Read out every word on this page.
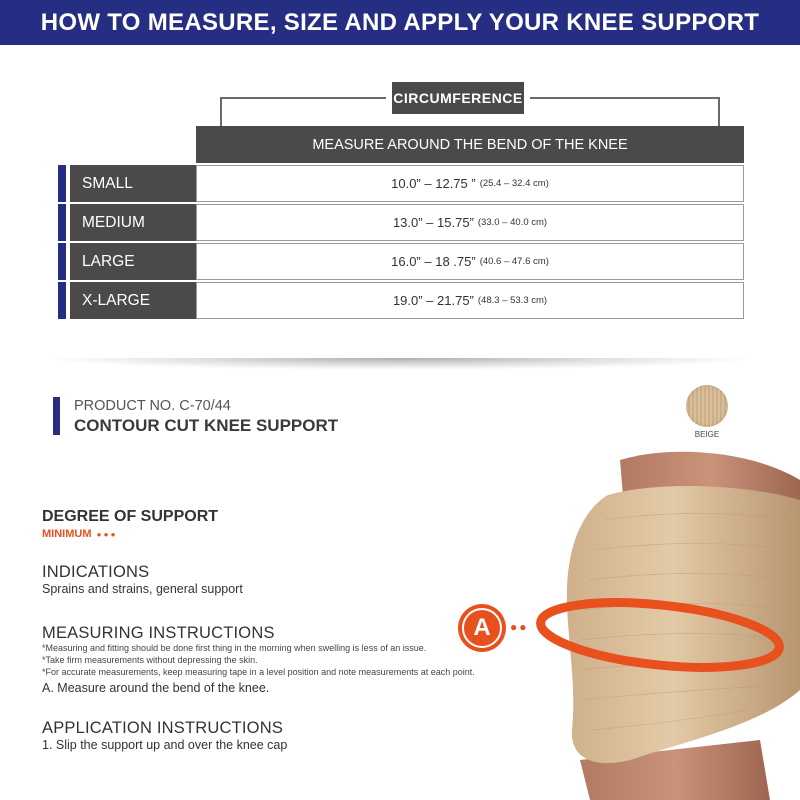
HOW TO MEASURE, SIZE AND APPLY YOUR KNEE SUPPORT
CIRCUMFERENCE
MEASURE AROUND THE BEND OF THE KNEE
SMALL	10.0” – 12.75 ” (25.4 – 32.4 cm)
MEDIUM	13.0” – 15.75” (33.0 – 40.0 cm)
LARGE	16.0” – 18 .75” (40.6 – 47.6 cm)
X-LARGE	19.0” – 21.75” (48.3 – 53.3 cm)
PRODUCT NO. C-70/44
CONTOUR CUT KNEE SUPPORT	BEIGE
A ●●
DEGREE OF SUPPORT
MINIMUM ● ● ●
INDICATIONS
Sprains and strains, general support
MEASURING INSTRUCTIONS
*Measuring and fitting should be done first thing in the morning when swelling is less of an issue.
*Take firm measurements without depressing the skin.
*For accurate measurements, keep measuring tape in a level position and note measurements at each point.
A. Measure around the bend of the knee.
APPLICATION INSTRUCTIONS
1. Slip the support up and over the knee cap
